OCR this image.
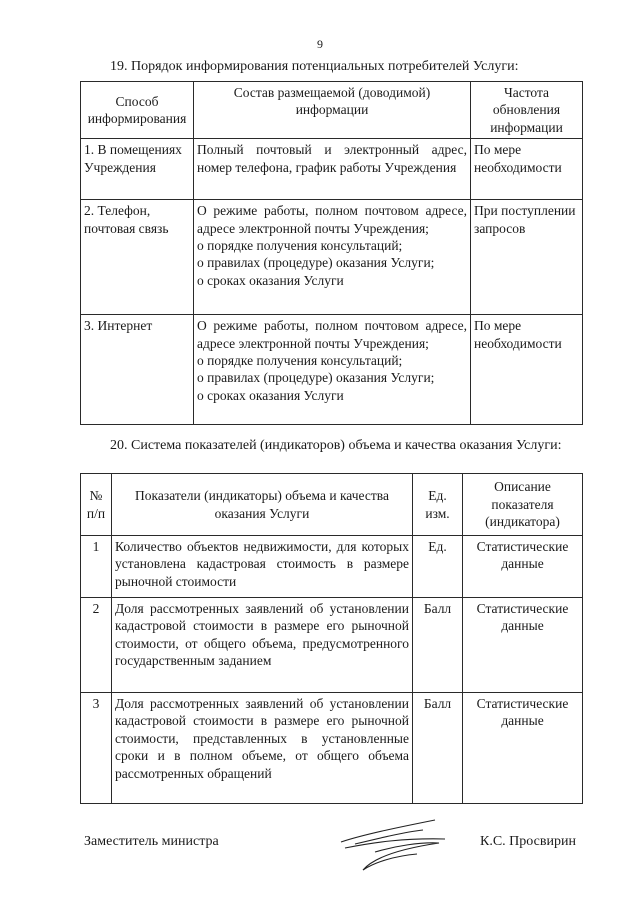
9
19. Порядок информирования потенциальных потребителей Услуги:
Способ информирования	Состав размещаемой (доводимой) информации	Частота обновления информации
1. В помещениях Учреждения	Полный почтовый и электронный адрес, номер телефона, график работы Учреждения	По мере необходимости
2. Телефон, почтовая связь	О режиме работы, полном почтовом адресе, адресе электронной почты Учреждения;
о порядке получения консультаций;
о правилах (процедуре) оказания Услуги;
о сроках оказания Услуги	При поступлении запросов
3. Интернет	О режиме работы, полном почтовом адресе, адресе электронной почты Учреждения;
о порядке получения консультаций;
о правилах (процедуре) оказания Услуги;
о сроках оказания Услуги	По мере необходимости
20. Система показателей (индикаторов) объема и качества оказания Услуги:
№ п/п	Показатели (индикаторы) объема и качества оказания Услуги	Ед. изм.	Описание показателя (индикатора)
1	Количество объектов недвижимости, для которых установлена кадастровая стоимость в размере рыночной стоимости	Ед.	Статистические данные
2	Доля рассмотренных заявлений об установлении кадастровой стоимости в размере его рыночной стоимости, от общего объема, предусмотренного государственным заданием	Балл	Статистические данные
3	Доля рассмотренных заявлений об установлении кадастровой стоимости в размере его рыночной стоимости, представленных в установленные сроки и в полном объеме, от общего объема рассмотренных обращений	Балл	Статистические данные
Заместитель министра	К.С. Просвирин
